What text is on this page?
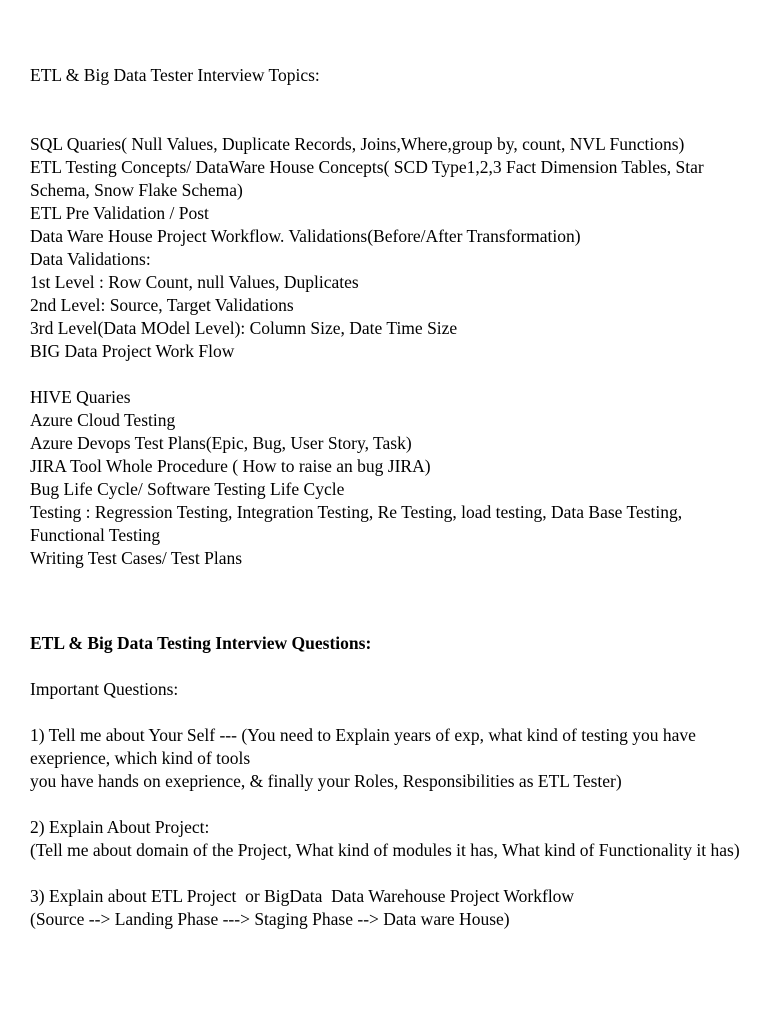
ETL & Big Data Tester Interview Topics:

SQL Quaries( Null Values, Duplicate Records, Joins,Where,group by, count, NVL Functions)

ETL Testing Concepts/ DataWare House Concepts( SCD Type1,2,3 Fact Dimension Tables, Star Schema, Snow Flake Schema)

ETL Pre Validation / Post

Data Ware House Project Workflow. Validations(Before/After Transformation)

Data Validations:

1st Level : Row Count, null Values, Duplicates

2nd Level: Source, Target Validations

3rd Level(Data MOdel Level): Column Size, Date Time Size

BIG Data Project Work Flow

HIVE Quaries

Azure Cloud Testing

Azure Devops Test Plans(Epic, Bug, User Story, Task)

JIRA Tool Whole Procedure ( How to raise an bug JIRA)

Bug Life Cycle/ Software Testing Life Cycle

Testing : Regression Testing, Integration Testing, Re Testing, load testing, Data Base Testing, Functional Testing

Writing Test Cases/ Test Plans

ETL & Big Data Testing Interview Questions:

Important Questions:

1) Tell me about Your Self --- (You need to Explain years of exp, what kind of testing you have exeprience, which kind of tools

you have hands on exeprience, & finally your Roles, Responsibilities as ETL Tester)

2) Explain About Project:

(Tell me about domain of the Project, What kind of modules it has, What kind of Functionality it has)

3) Explain about ETL Project  or BigData  Data Warehouse Project Workflow

(Source --> Landing Phase ---> Staging Phase --> Data ware House)
